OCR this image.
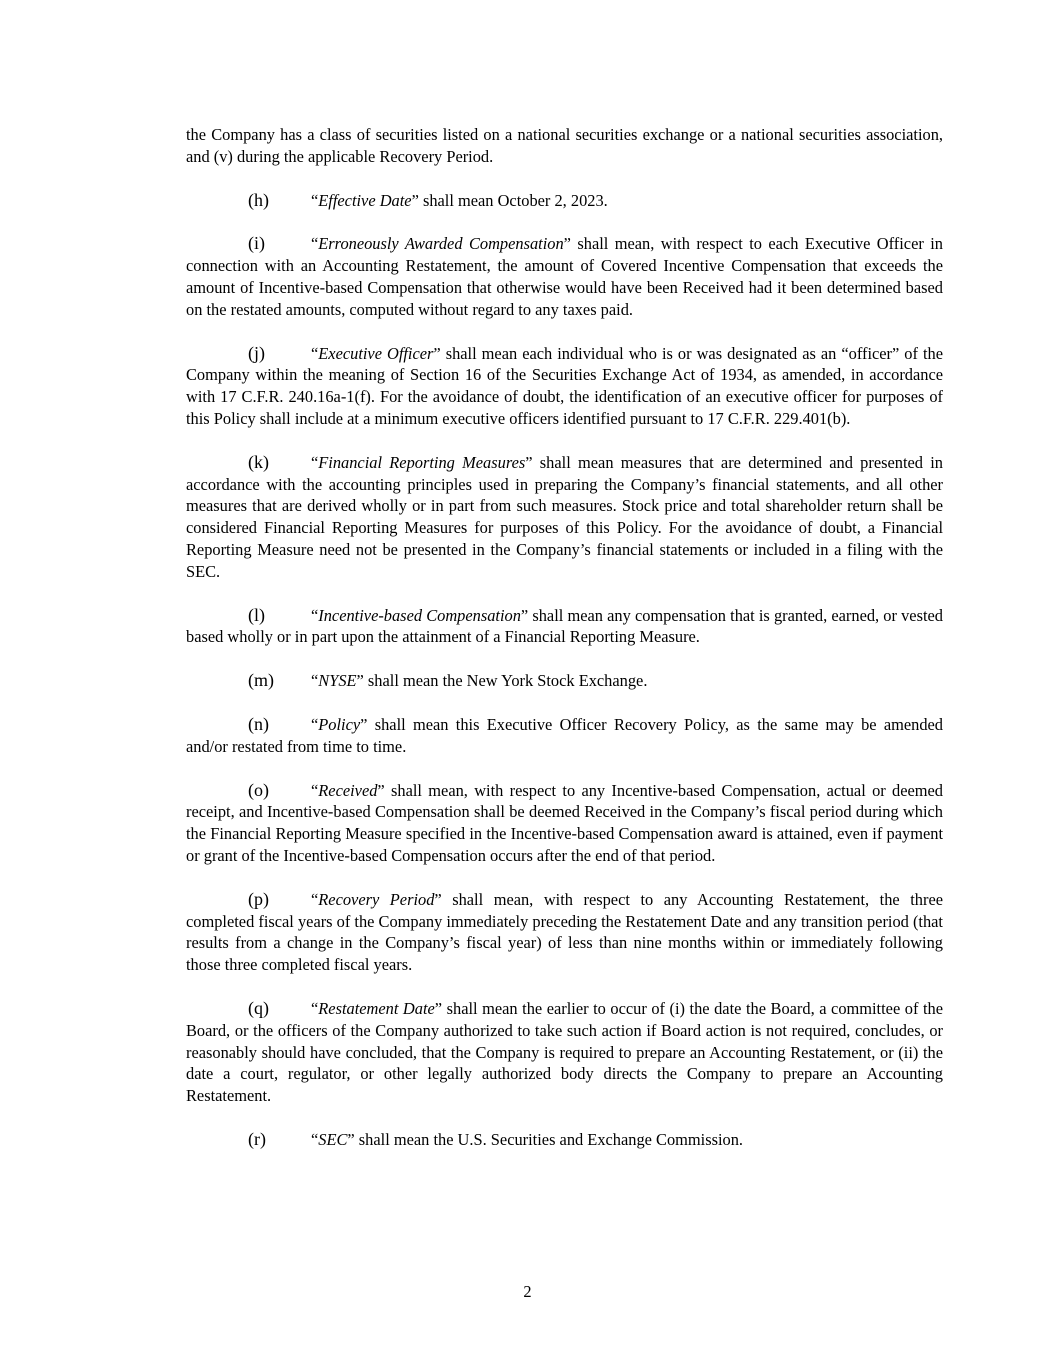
the Company has a class of securities listed on a national securities exchange or a national securities association, and (v) during the applicable Recovery Period.

(h)	“Effective Date” shall mean October 2, 2023.

(i)	“Erroneously Awarded Compensation” shall mean, with respect to each Executive Officer in connection with an Accounting Restatement, the amount of Covered Incentive Compensation that exceeds the amount of Incentive-based Compensation that otherwise would have been Received had it been determined based on the restated amounts, computed without regard to any taxes paid.

(j)	“Executive Officer” shall mean each individual who is or was designated as an “officer” of the Company within the meaning of Section 16 of the Securities Exchange Act of 1934, as amended, in accordance with 17 C.F.R. 240.16a-1(f). For the avoidance of doubt, the identification of an executive officer for purposes of this Policy shall include at a minimum executive officers identified pursuant to 17 C.F.R. 229.401(b).

(k)	“Financial Reporting Measures” shall mean measures that are determined and presented in accordance with the accounting principles used in preparing the Company’s financial statements, and all other measures that are derived wholly or in part from such measures. Stock price and total shareholder return shall be considered Financial Reporting Measures for purposes of this Policy. For the avoidance of doubt, a Financial Reporting Measure need not be presented in the Company’s financial statements or included in a filing with the SEC.

(l)	“Incentive-based Compensation” shall mean any compensation that is granted, earned, or vested based wholly or in part upon the attainment of a Financial Reporting Measure.

(m) “NYSE” shall mean the New York Stock Exchange.

(n)	“Policy” shall mean this Executive Officer Recovery Policy, as the same may be amended and/or restated from time to time.

(o)	“Received” shall mean, with respect to any Incentive-based Compensation, actual or deemed receipt, and Incentive-based Compensation shall be deemed Received in the Company’s fiscal period during which the Financial Reporting Measure specified in the Incentive-based Compensation award is attained, even if payment or grant of the Incentive-based Compensation occurs after the end of that period.

(p)	“Recovery Period” shall mean, with respect to any Accounting Restatement, the three completed fiscal years of the Company immediately preceding the Restatement Date and any transition period (that results from a change in the Company’s fiscal year) of less than nine months within or immediately following those three completed fiscal years.

(q)	“Restatement Date” shall mean the earlier to occur of (i) the date the Board, a committee of the Board, or the officers of the Company authorized to take such action if Board action is not required, concludes, or reasonably should have concluded, that the Company is required to prepare an Accounting Restatement, or (ii) the date a court, regulator, or other legally authorized body directs the Company to prepare an Accounting Restatement.

(r)	“SEC” shall mean the U.S. Securities and Exchange Commission.

2
